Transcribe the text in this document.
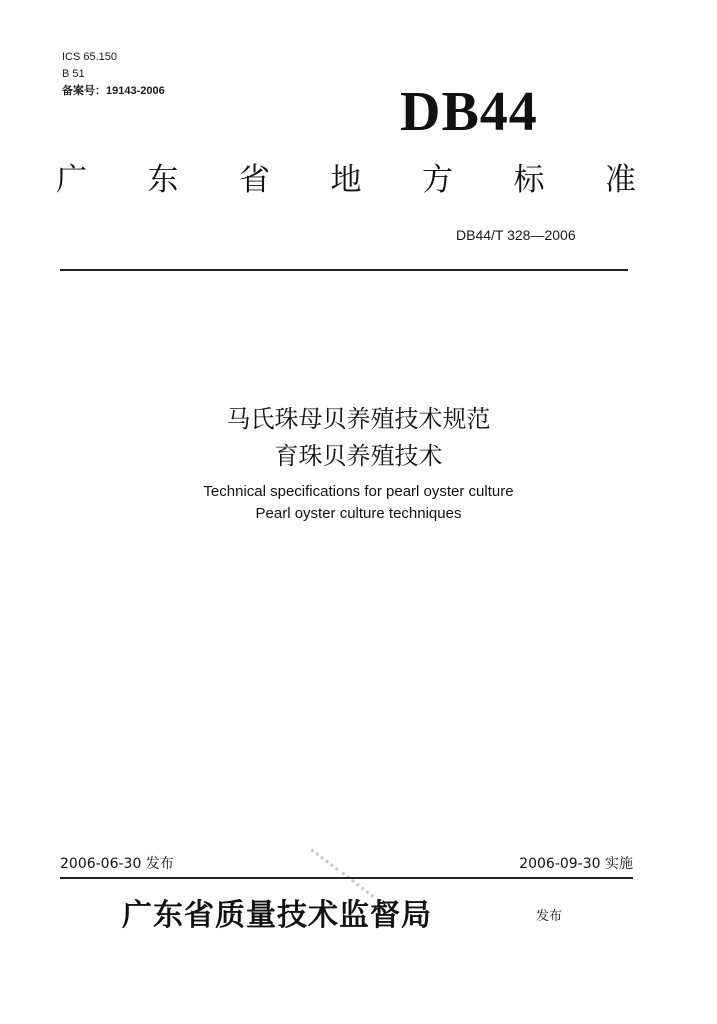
ICS 65.150
B 51
备案号：19143-2006	DB44
广 东 省 地 方 标 准
DB44/T 328—2006
马氏珠母贝养殖技术规范
育珠贝养殖技术
Technical specifications for pearl oyster culture
Pearl oyster culture techniques
2006-06-30 发布	2006-09-30 实施
广东省质量技术监督局	发布
